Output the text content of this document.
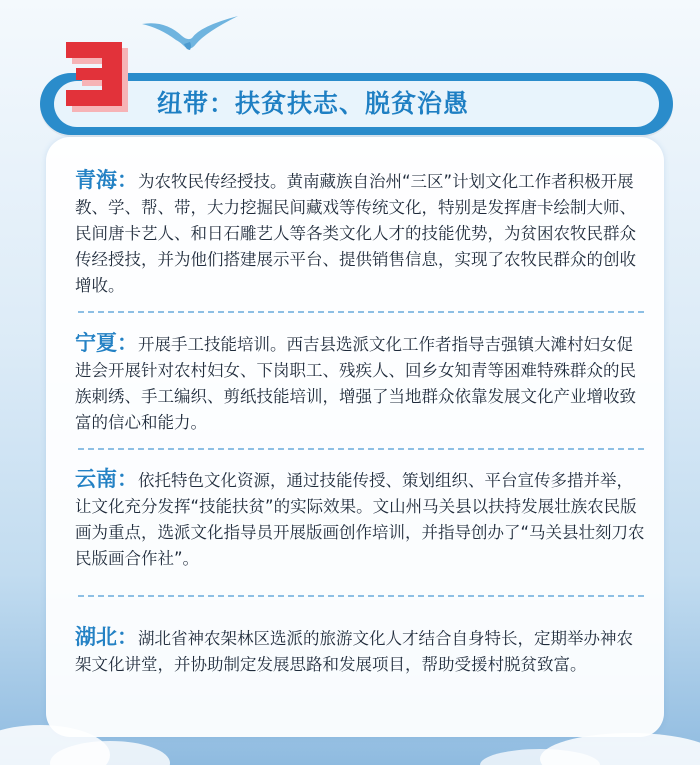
纽带：扶贫扶志、脱贫治愚
青海：为农牧民传经授技。黄南藏族自治州“三区”计划文化工作者积极开展教、学、帮、带，大力挖掘民间藏戏等传统文化，特别是发挥唐卡绘制大师、民间唐卡艺人、和日石雕艺人等各类文化人才的技能优势，为贫困农牧民群众传经授技，并为他们搭建展示平台、提供销售信息，实现了农牧民群众的创收增收。
宁夏：开展手工技能培训。西吉县选派文化工作者指导吉强镇大滩村妇女促进会开展针对农村妇女、下岗职工、残疾人、回乡女知青等困难特殊群众的民族刺绣、手工编织、剪纸技能培训，增强了当地群众依靠发展文化产业增收致富的信心和能力。
云南：依托特色文化资源，通过技能传授、策划组织、平台宣传多措并举，让文化充分发挥“技能扶贫”的实际效果。文山州马关县以扶持发展壮族农民版画为重点，选派文化指导员开展版画创作培训，并指导创办了“马关县壮刻刀农民版画合作社”。
湖北：湖北省神农架林区选派的旅游文化人才结合自身特长，定期举办神农架文化讲堂，并协助制定发展思路和发展项目，帮助受援村脱贫致富。
